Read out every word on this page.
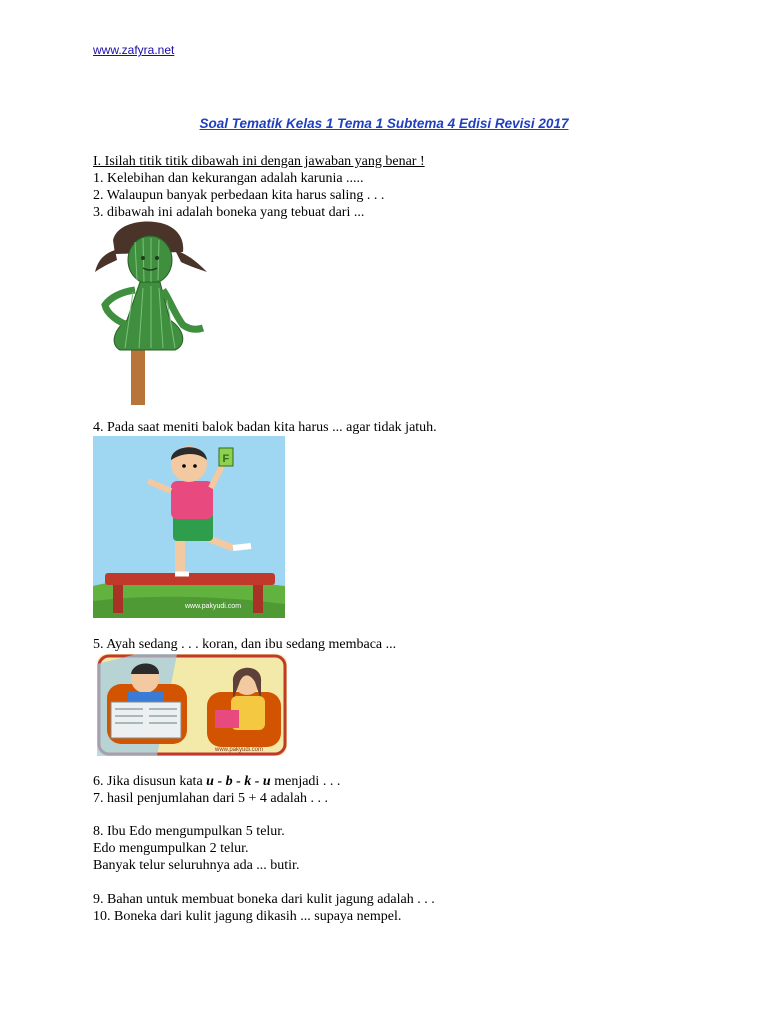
www.zafyra.net
Soal Tematik Kelas 1 Tema 1 Subtema 4 Edisi Revisi 2017
I. Isilah titik titik dibawah ini dengan jawaban yang benar !
1. Kelebihan dan kekurangan adalah karunia .....
2. Walaupun banyak perbedaan kita harus saling . . .
3. dibawah ini adalah boneka yang tebuat dari ...
4. Pada saat meniti balok badan kita harus ... agar tidak jatuh.
F
www.pakyudi.com
5. Ayah sedang . . . koran, dan ibu sedang membaca ...
www.pakyudi.com
6. Jika disusun kata u - b - k - u menjadi . . .
7. hasil penjumlahan dari 5 + 4 adalah . . .
8. Ibu Edo mengumpulkan 5 telur.
Edo mengumpulkan 2 telur.
Banyak telur seluruhnya ada ... butir.
9. Bahan untuk membuat boneka dari kulit jagung adalah . . .
10. Boneka dari kulit jagung dikasih ... supaya nempel.
